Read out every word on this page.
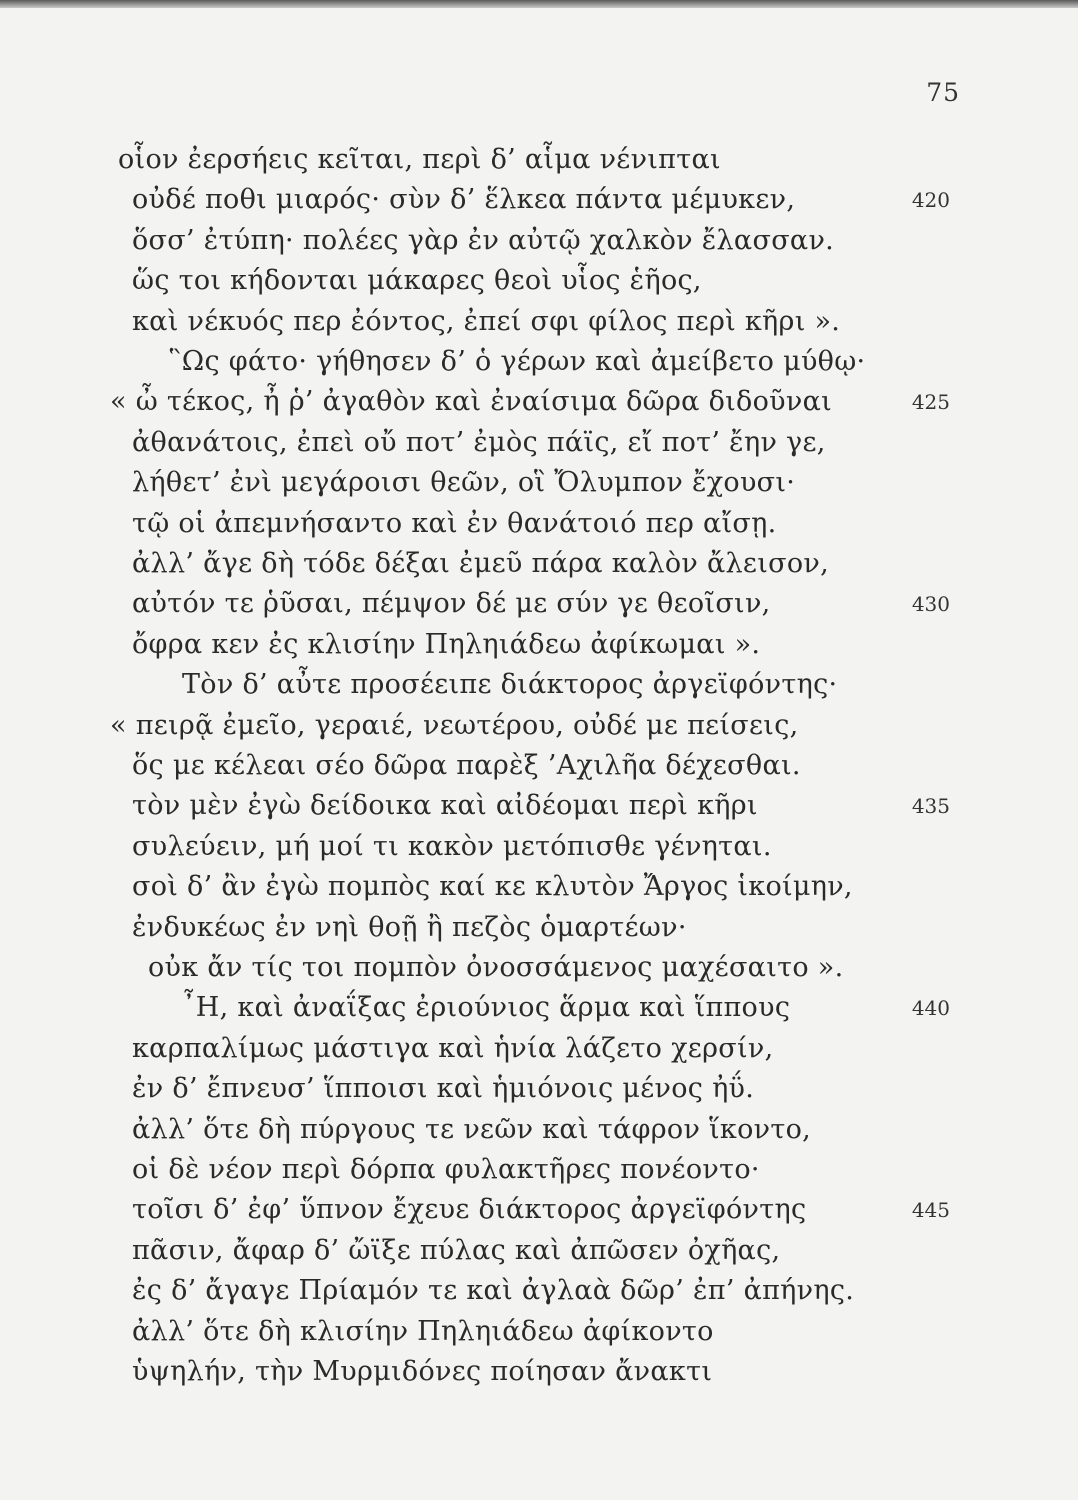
75
οἷον ἐερσήεις κεῖται, περὶ δ’ αἷμα νένιπται
οὐδέ ποθι μιαρός· σὺν δ’ ἕλκεα πάντα μέμυκεν,	420
ὅσσ’ ἐτύπη· πολέες γὰρ ἐν αὐτῷ χαλκὸν ἔλασσαν.
ὥς τοι κήδονται μάκαρες θεοὶ υἷος ἑῆος,
καὶ νέκυός περ ἐόντος, ἐπεί σφι φίλος περὶ κῆρι ».
῝Ως φάτο· γήθησεν δ’ ὁ γέρων καὶ ἀμείβετο μύθῳ·
« ὦ τέκος, ἦ ῥ’ ἀγαθὸν καὶ ἐναίσιμα δῶρα διδοῦναι	425
ἀθανάτοις, ἐπεὶ οὔ ποτ’ ἐμὸς πάϊς, εἴ ποτ’ ἔην γε,
λήθετ’ ἐνὶ μεγάροισι θεῶν, οἳ Ὄλυμπον ἔχουσι·
τῷ οἱ ἀπεμνήσαντο καὶ ἐν θανάτοιό περ αἴσῃ.
ἀλλ’ ἄγε δὴ τόδε δέξαι ἐμεῦ πάρα καλὸν ἄλεισον,
αὐτόν τε ῥῦσαι, πέμψον δέ με σύν γε θεοῖσιν,	430
ὄφρα κεν ἐς κλισίην Πηληιάδεω ἀφίκωμαι ».
Τὸν δ’ αὖτε προσέειπε διάκτορος ἀργεϊφόντης·
« πειρᾷ ἐμεῖο, γεραιέ, νεωτέρου, οὐδέ με πείσεις,
ὅς με κέλεαι σέο δῶρα παρὲξ ’Αχιλῆα δέχεσθαι.
τὸν μὲν ἐγὼ δείδοικα καὶ αἰδέομαι περὶ κῆρι	435
συλεύειν, μή μοί τι κακὸν μετόπισθε γένηται.
σοὶ δ’ ἂν ἐγὼ πομπὸς καί κε κλυτὸν Ἄργος ἱκοίμην,
ἐνδυκέως ἐν νηὶ θοῇ ἢ πεζὸς ὁμαρτέων·
οὐκ ἄν τίς τοι πομπὸν ὀνοσσάμενος μαχέσαιτο ».
῏Η, καὶ ἀναΐξας ἐριούνιος ἅρμα καὶ ἵππους	440
καρπαλίμως μάστιγα καὶ ἡνία λάζετο χερσίν,
ἐν δ’ ἔπνευσ’ ἵπποισι καὶ ἡμιόνοις μένος ἠΰ.
ἀλλ’ ὅτε δὴ πύργους τε νεῶν καὶ τάφρον ἵκοντο,
οἱ δὲ νέον περὶ δόρπα φυλακτῆρες πονέοντο·
τοῖσι δ’ ἐφ’ ὕπνον ἔχευε διάκτορος ἀργεϊφόντης	445
πᾶσιν, ἄφαρ δ’ ὤϊξε πύλας καὶ ἀπῶσεν ὀχῆας,
ἐς δ’ ἄγαγε Πρίαμόν τε καὶ ἀγλαὰ δῶρ’ ἐπ’ ἀπήνης.
ἀλλ’ ὅτε δὴ κλισίην Πηληιάδεω ἀφίκοντο
ὑψηλήν, τὴν Μυρμιδόνες ποίησαν ἄνακτι
